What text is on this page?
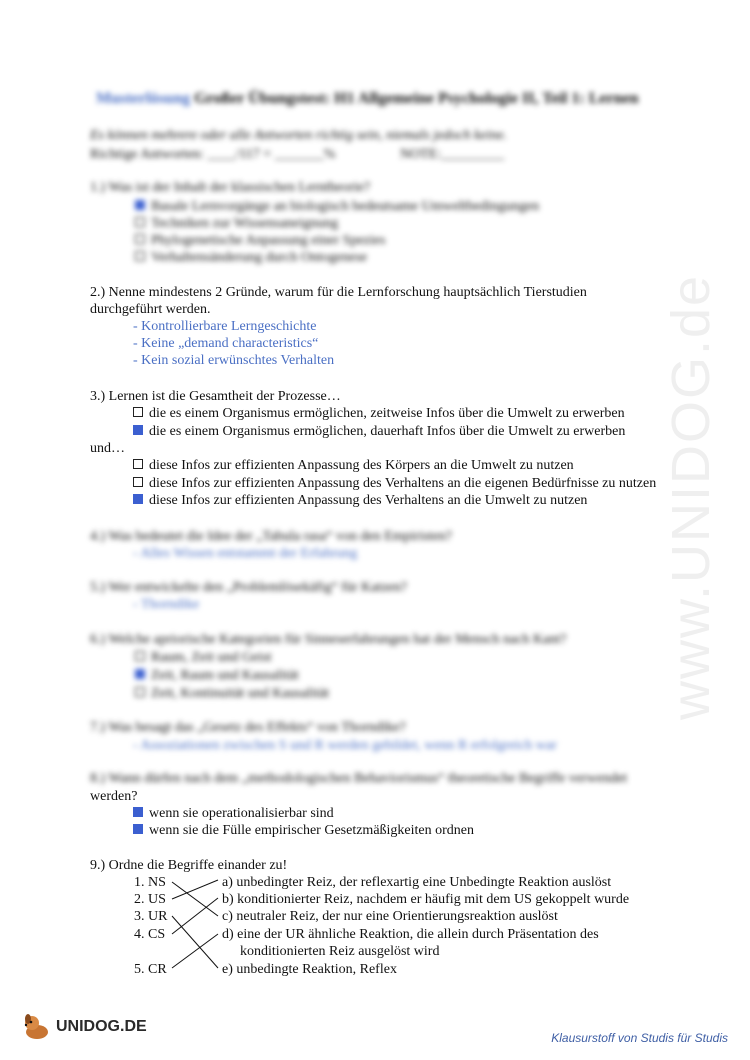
www.UNIDOG.de
Musterlösung Großer Übungstest: H1 Allgemeine Psychologie II, Teil 1: Lernen
Es können mehrere oder alle Antworten richtig sein, niemals jedoch keine.
Richtige Antworten: ____/117 = _______%	NOTE:_________
1.) Was ist der Inhalt der klassischen Lerntheorie?
Basale Lernvorgänge an biologisch bedeutsame Umweltbedingungen
Techniken zur Wissensaneignung
Phylogenetische Anpassung einer Spezies
Verhaltensänderung durch Ontogenese
2.) Nenne mindestens 2 Gründe, warum für die Lernforschung hauptsächlich Tierstudien
durchgeführt werden.
- Kontrollierbare Lerngeschichte
- Keine „demand characteristics“
- Kein sozial erwünschtes Verhalten
3.) Lernen ist die Gesamtheit der Prozesse…
die es einem Organismus ermöglichen, zeitweise Infos über die Umwelt zu erwerben
die es einem Organismus ermöglichen, dauerhaft Infos über die Umwelt zu erwerben
und…
diese Infos zur effizienten Anpassung des Körpers an die Umwelt zu nutzen
diese Infos zur effizienten Anpassung des Verhaltens an die eigenen Bedürfnisse zu nutzen
diese Infos zur effizienten Anpassung des Verhaltens an die Umwelt zu nutzen
4.) Was bedeutet die Idee der „Tabula rasa“ von den Empiristen?
- Alles Wissen entstammt der Erfahrung
5.) Wer entwickelte den „Problemlösekäfig“ für Katzen?
- Thorndike
6.) Welche apriorische Kategorien für Sinneserfahrungen hat der Mensch nach Kant?
Raum, Zeit und Geist
Zeit, Raum und Kausalität
Zeit, Kontinuität und Kausalität
7.) Was besagt das „Gesetz des Effekts“ von Thorndike?
- Assoziationen zwischen S und R werden gebildet, wenn R erfolgreich war
8.) Wann dürfen nach dem „methodologischen Behaviorismus“ theoretische Begriffe verwendet
werden?
wenn sie operationalisierbar sind
wenn sie die Fülle empirischer Gesetzmäßigkeiten ordnen
9.) Ordne die Begriffe einander zu!
1. NS
2. US
3. UR
4. CS
5. CR
a) unbedingter Reiz, der reflexartig eine Unbedingte Reaktion auslöst
b) konditionierter Reiz, nachdem er häufig mit dem US gekoppelt wurde
c) neutraler Reiz, der nur eine Orientierungsreaktion auslöst
d) eine der UR ähnliche Reaktion, die allein durch Präsentation des
konditionierten Reiz ausgelöst wird
e) unbedingte Reaktion, Reflex
UNIDOG.DE
Klausurstoff von Studis für Studis
